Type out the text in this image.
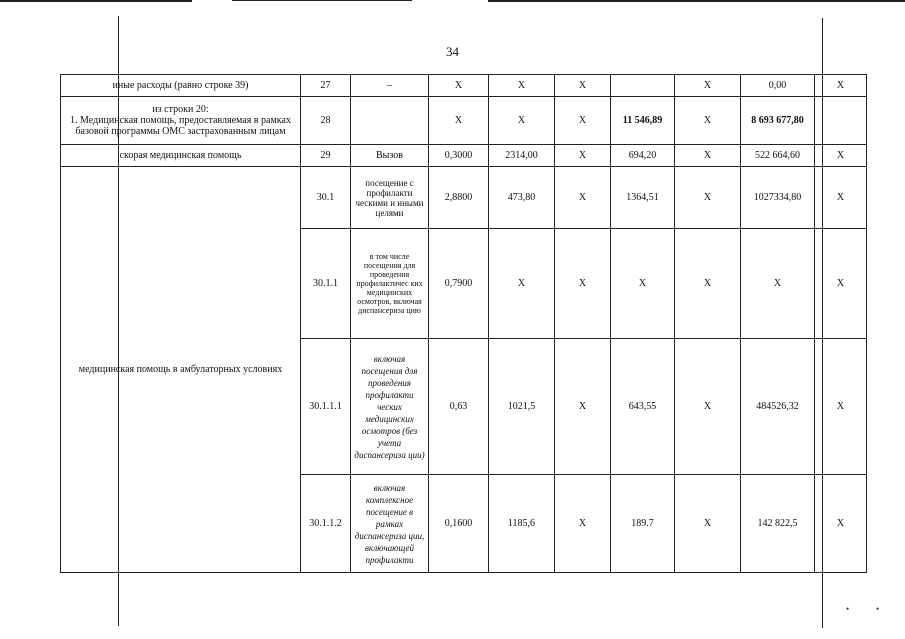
34
иные расходы (равно строке 39)	27	–	X	X	X		X	0,00	X
из строки 20:
1. Медицинская помощь, предоставляемая в рамках базовой программы ОМС застрахованным лицам	28		X	X	X	11 546,89	X	8 693 677,80	
скорая медицинская помощь	29	Вызов	0,3000	2314,00	X	694,20	X	522 664,60	X
медицинская помощь в амбулаторных условиях	30.1	посещение с профилакти ческими и иными целями	2,8800	473,80	X	1364,51	X	1027334,80	X
	30.1.1	в том числе посещения для проведения профилактичес ких медицинских осмотров, включая диспансериза цию	0,7900	X	X	X	X	X	X
	30.1.1.1	включая посещения для проведения профилакти ческих медицинских осмотров (без учета диспансериза ции)	0,63	1021,5	X	643,55	X	484526,32	X
	30.1.1.2	включая комплексное посещение в рамках диспансериза ции, включающей профилакти	0,1600	1185,6	X	189.7	X	142 822,5	X
•	•
